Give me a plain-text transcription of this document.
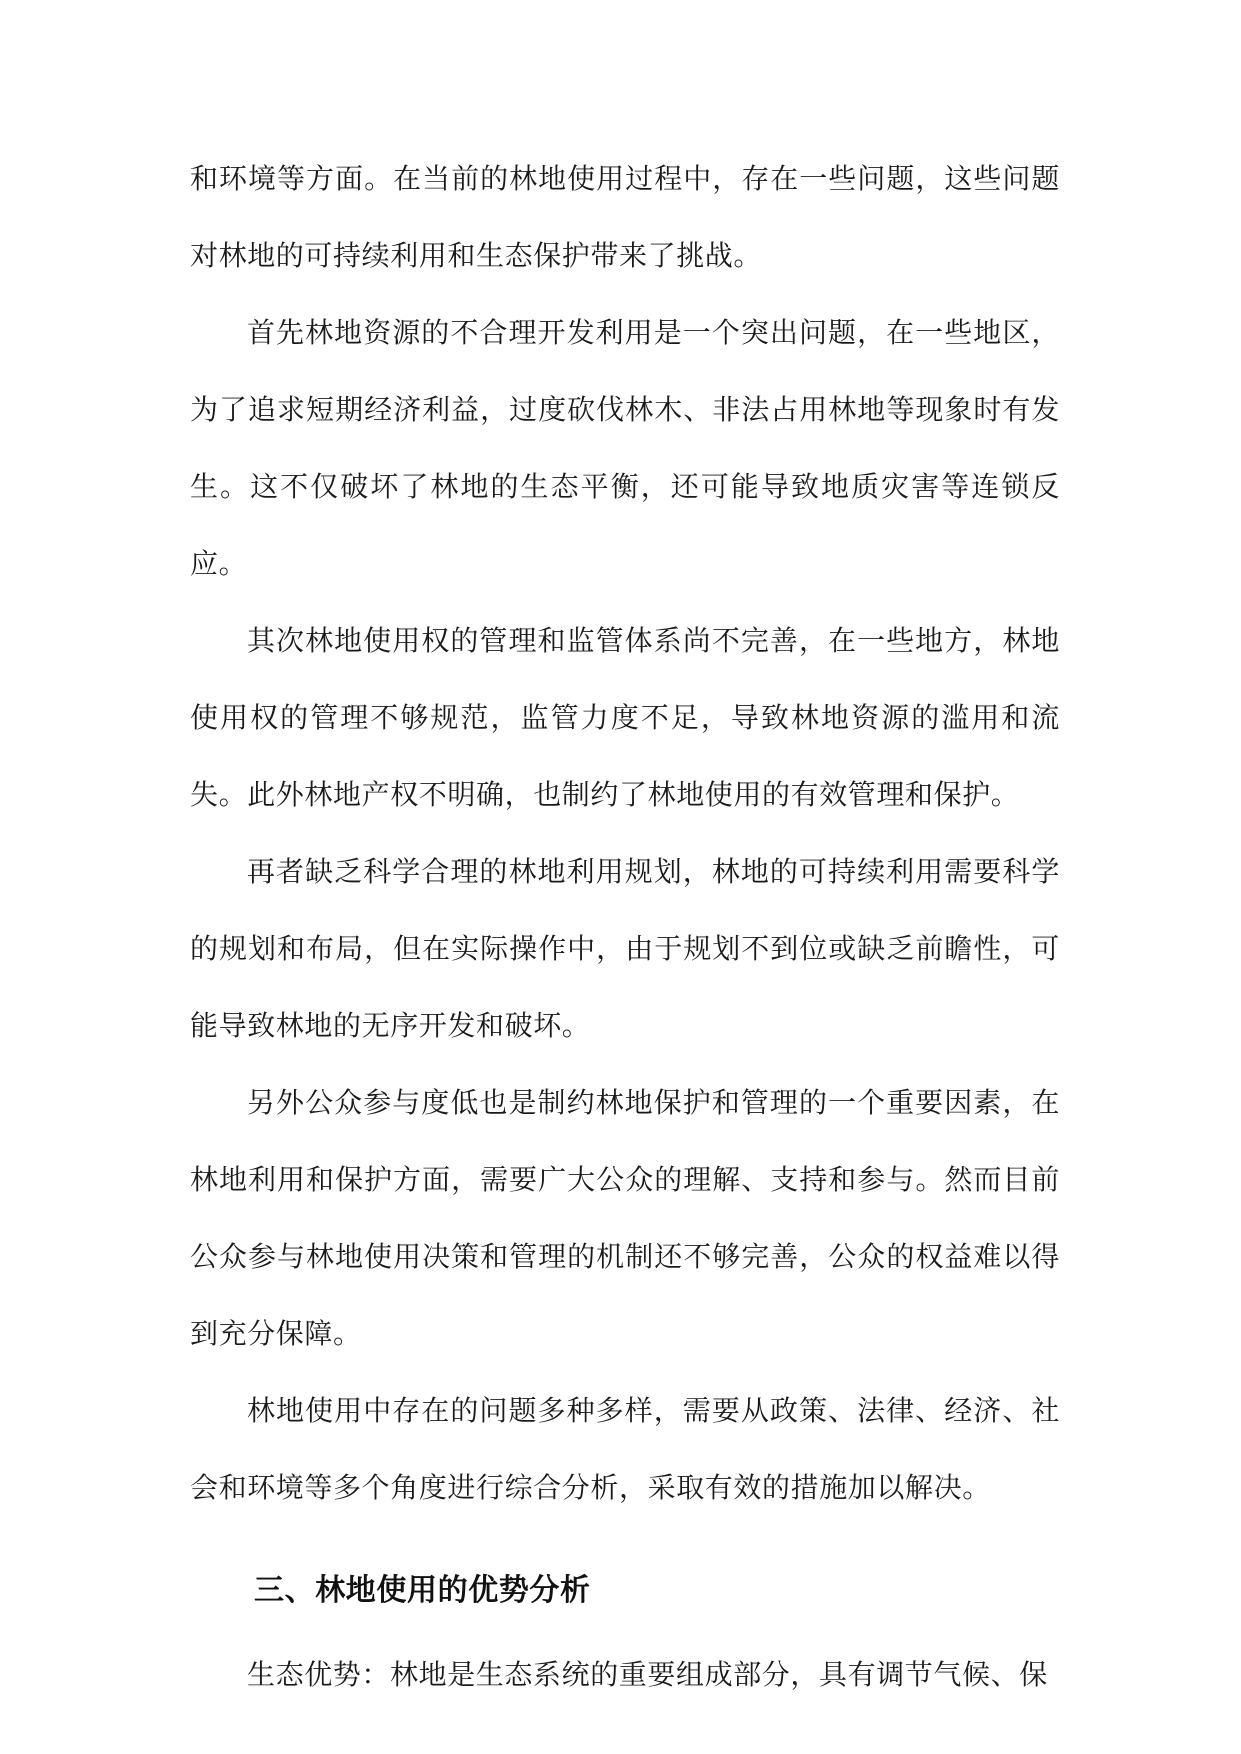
和环境等方面。在当前的林地使用过程中，存在一些问题，这些问题对林地的可持续利用和生态保护带来了挑战。

首先林地资源的不合理开发利用是一个突出问题，在一些地区，为了追求短期经济利益，过度砍伐林木、非法占用林地等现象时有发生。这不仅破坏了林地的生态平衡，还可能导致地质灾害等连锁反应。

其次林地使用权的管理和监管体系尚不完善，在一些地方，林地使用权的管理不够规范，监管力度不足，导致林地资源的滥用和流失。此外林地产权不明确，也制约了林地使用的有效管理和保护。

再者缺乏科学合理的林地利用规划，林地的可持续利用需要科学的规划和布局，但在实际操作中，由于规划不到位或缺乏前瞻性，可能导致林地的无序开发和破坏。

另外公众参与度低也是制约林地保护和管理的一个重要因素，在林地利用和保护方面，需要广大公众的理解、支持和参与。然而目前公众参与林地使用决策和管理的机制还不够完善，公众的权益难以得到充分保障。

林地使用中存在的问题多种多样，需要从政策、法律、经济、社会和环境等多个角度进行综合分析，采取有效的措施加以解决。

三、林地使用的优势分析

生态优势：林地是生态系统的重要组成部分，具有调节气候、保
